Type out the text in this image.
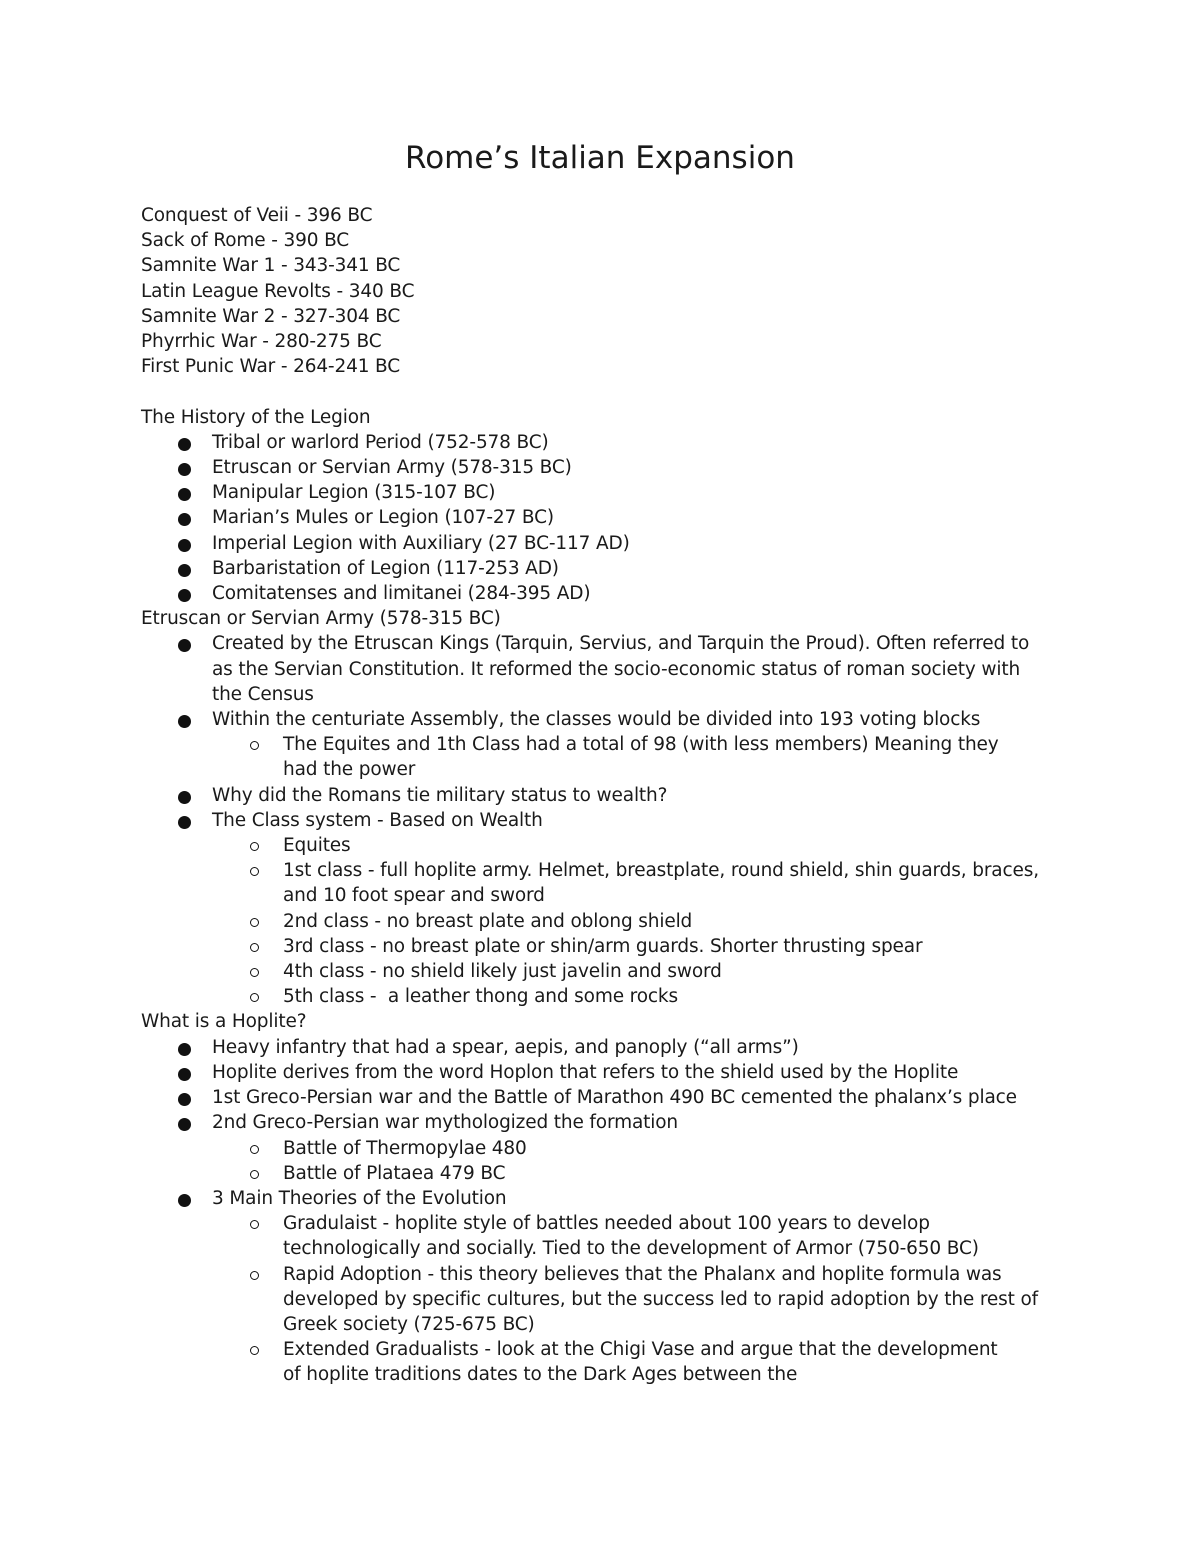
Rome’s Italian Expansion
Conquest of Veii - 396 BC
Sack of Rome - 390 BC
Samnite War 1 - 343-341 BC
Latin League Revolts - 340 BC
Samnite War 2 - 327-304 BC
Phyrrhic War - 280-275 BC
First Punic War - 264-241 BC
The History of the Legion
Tribal or warlord Period (752-578 BC)
Etruscan or Servian Army (578-315 BC)
Manipular Legion (315-107 BC)
Marian’s Mules or Legion (107-27 BC)
Imperial Legion with Auxiliary (27 BC-117 AD)
Barbaristation of Legion (117-253 AD)
Comitatenses and limitanei (284-395 AD)
Etruscan or Servian Army (578-315 BC)
Created by the Etruscan Kings (Tarquin, Servius, and Tarquin the Proud). Often referred to as the Servian Constitution. It reformed the socio-economic status of roman society with the Census
Within the centuriate Assembly, the classes would be divided into 193 voting blocks
The Equites and 1th Class had a total of 98 (with less members) Meaning they had the power
Why did the Romans tie military status to wealth?
The Class system - Based on Wealth
Equites
1st class - full hoplite army. Helmet, breastplate, round shield, shin guards, braces, and 10 foot spear and sword
2nd class - no breast plate and oblong shield
3rd class - no breast plate or shin/arm guards. Shorter thrusting spear
4th class - no shield likely just javelin and sword
5th class -  a leather thong and some rocks
What is a Hoplite?
Heavy infantry that had a spear, aepis, and panoply (“all arms”)
Hoplite derives from the word Hoplon that refers to the shield used by the Hoplite
1st Greco-Persian war and the Battle of Marathon 490 BC cemented the phalanx’s place
2nd Greco-Persian war mythologized the formation
Battle of Thermopylae 480
Battle of Plataea 479 BC
3 Main Theories of the Evolution
Gradulaist - hoplite style of battles needed about 100 years to develop technologically and socially. Tied to the development of Armor (750-650 BC)
Rapid Adoption - this theory believes that the Phalanx and hoplite formula was developed by specific cultures, but the success led to rapid adoption by the rest of Greek society (725-675 BC)
Extended Gradualists - look at the Chigi Vase and argue that the development of hoplite traditions dates to the Dark Ages between the
